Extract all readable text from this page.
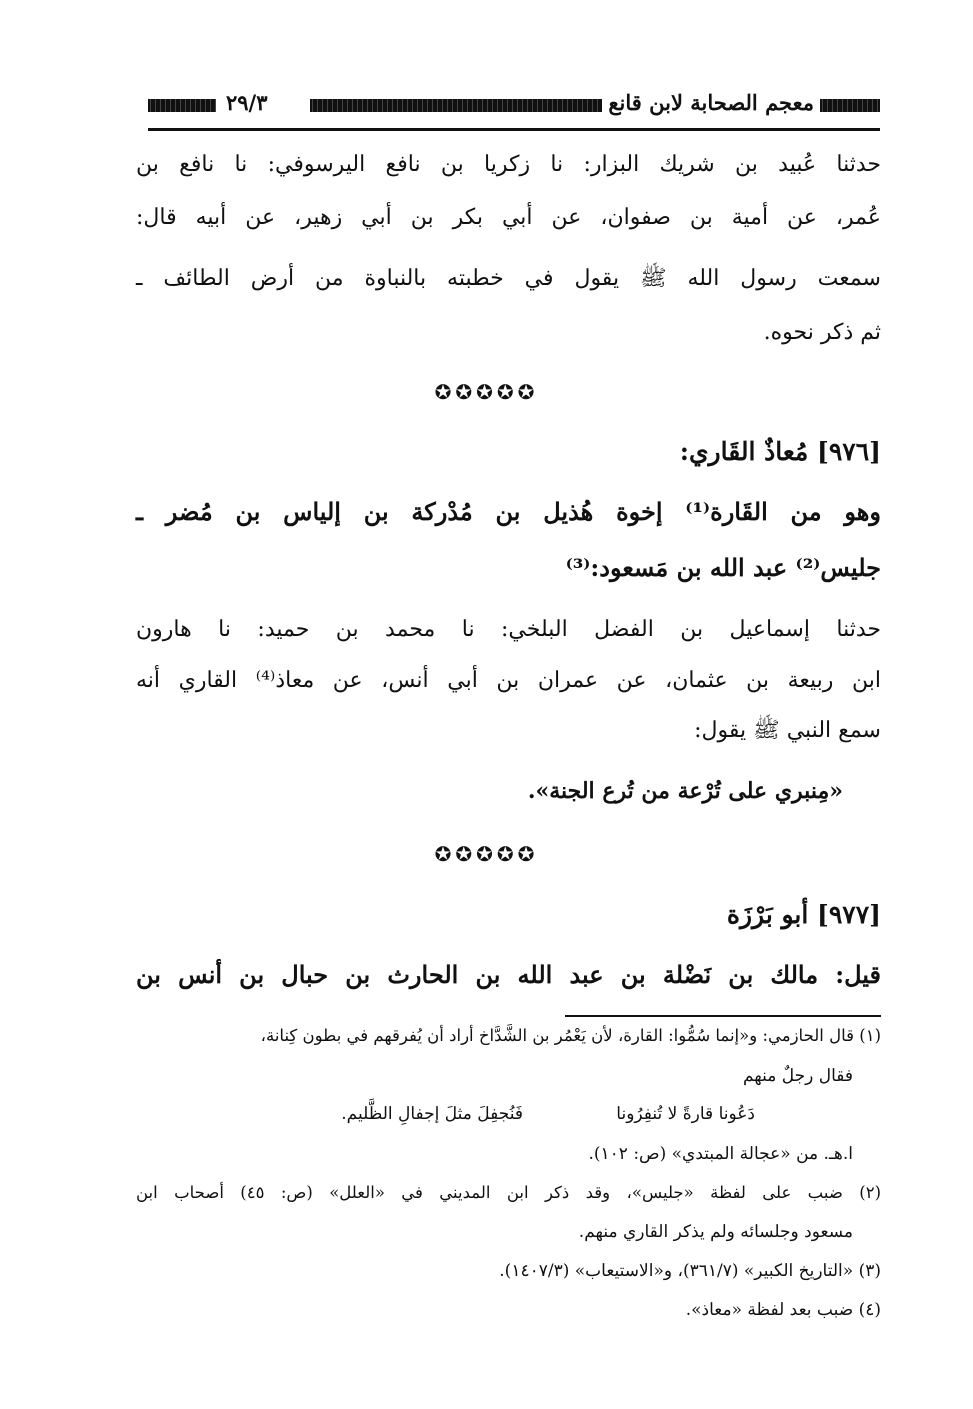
معجم الصحابة لابن قانع
٢٩/٣
حدثنا عُبيد بن شريك البزار: نا زكريا بن نافع اليرسوفي: نا نافع بن
عُمر، عن أمية بن صفوان، عن أبي بكر بن أبي زهير، عن أبيه قال:
سمعت رسول الله ﷺ يقول في خطبته بالنباوة من أرض الطائف ـ
ثم ذكر نحوه.
✪✪✪✪✪
[٩٧٦] مُعاذٌ القَاري:
وهو من القَارة⁽¹⁾ إخوة هُذيل بن مُدْركة بن إلياس بن مُضر ـ
جليس⁽²⁾ عبد الله بن مَسعود:⁽³⁾
حدثنا إسماعيل بن الفضل البلخي: نا محمد بن حميد: نا هارون
ابن ربيعة بن عثمان، عن عمران بن أبي أنس، عن معاذ⁽⁴⁾ القاري أنه
سمع النبي ﷺ يقول:
«مِنبري على تُرْعة من تُرع الجنة».
✪✪✪✪✪
[٩٧٧] أبو بَرْزَة
قيل: مالك بن نَضْلة بن عبد الله بن الحارث بن حبال بن أنس بن
(١) قال الحازمي: و«إنما سُمُّوا: القارة، لأن يَعْمُر بن الشَّدَّاخ أراد أن يُفرقهم في بطون كِنانة،
فقال رجلٌ منهم
دَعُونا قارةً لا تُنفِرُونا
فَنُجفِلَ مثلَ إجفالِ الظَّليم.
ا.هـ. من «عجالة المبتدي» (ص: ١٠٢).
(٢) ضبب على لفظة «جليس»، وقد ذكر ابن المديني في «العلل» (ص: ٤٥) أصحاب ابن
مسعود وجلسائه ولم يذكر القاري منهم.
(٣) «التاريخ الكبير» (٣٦١/٧)، و«الاستيعاب» (١٤٠٧/٣).
(٤) ضبب بعد لفظة «معاذ».
